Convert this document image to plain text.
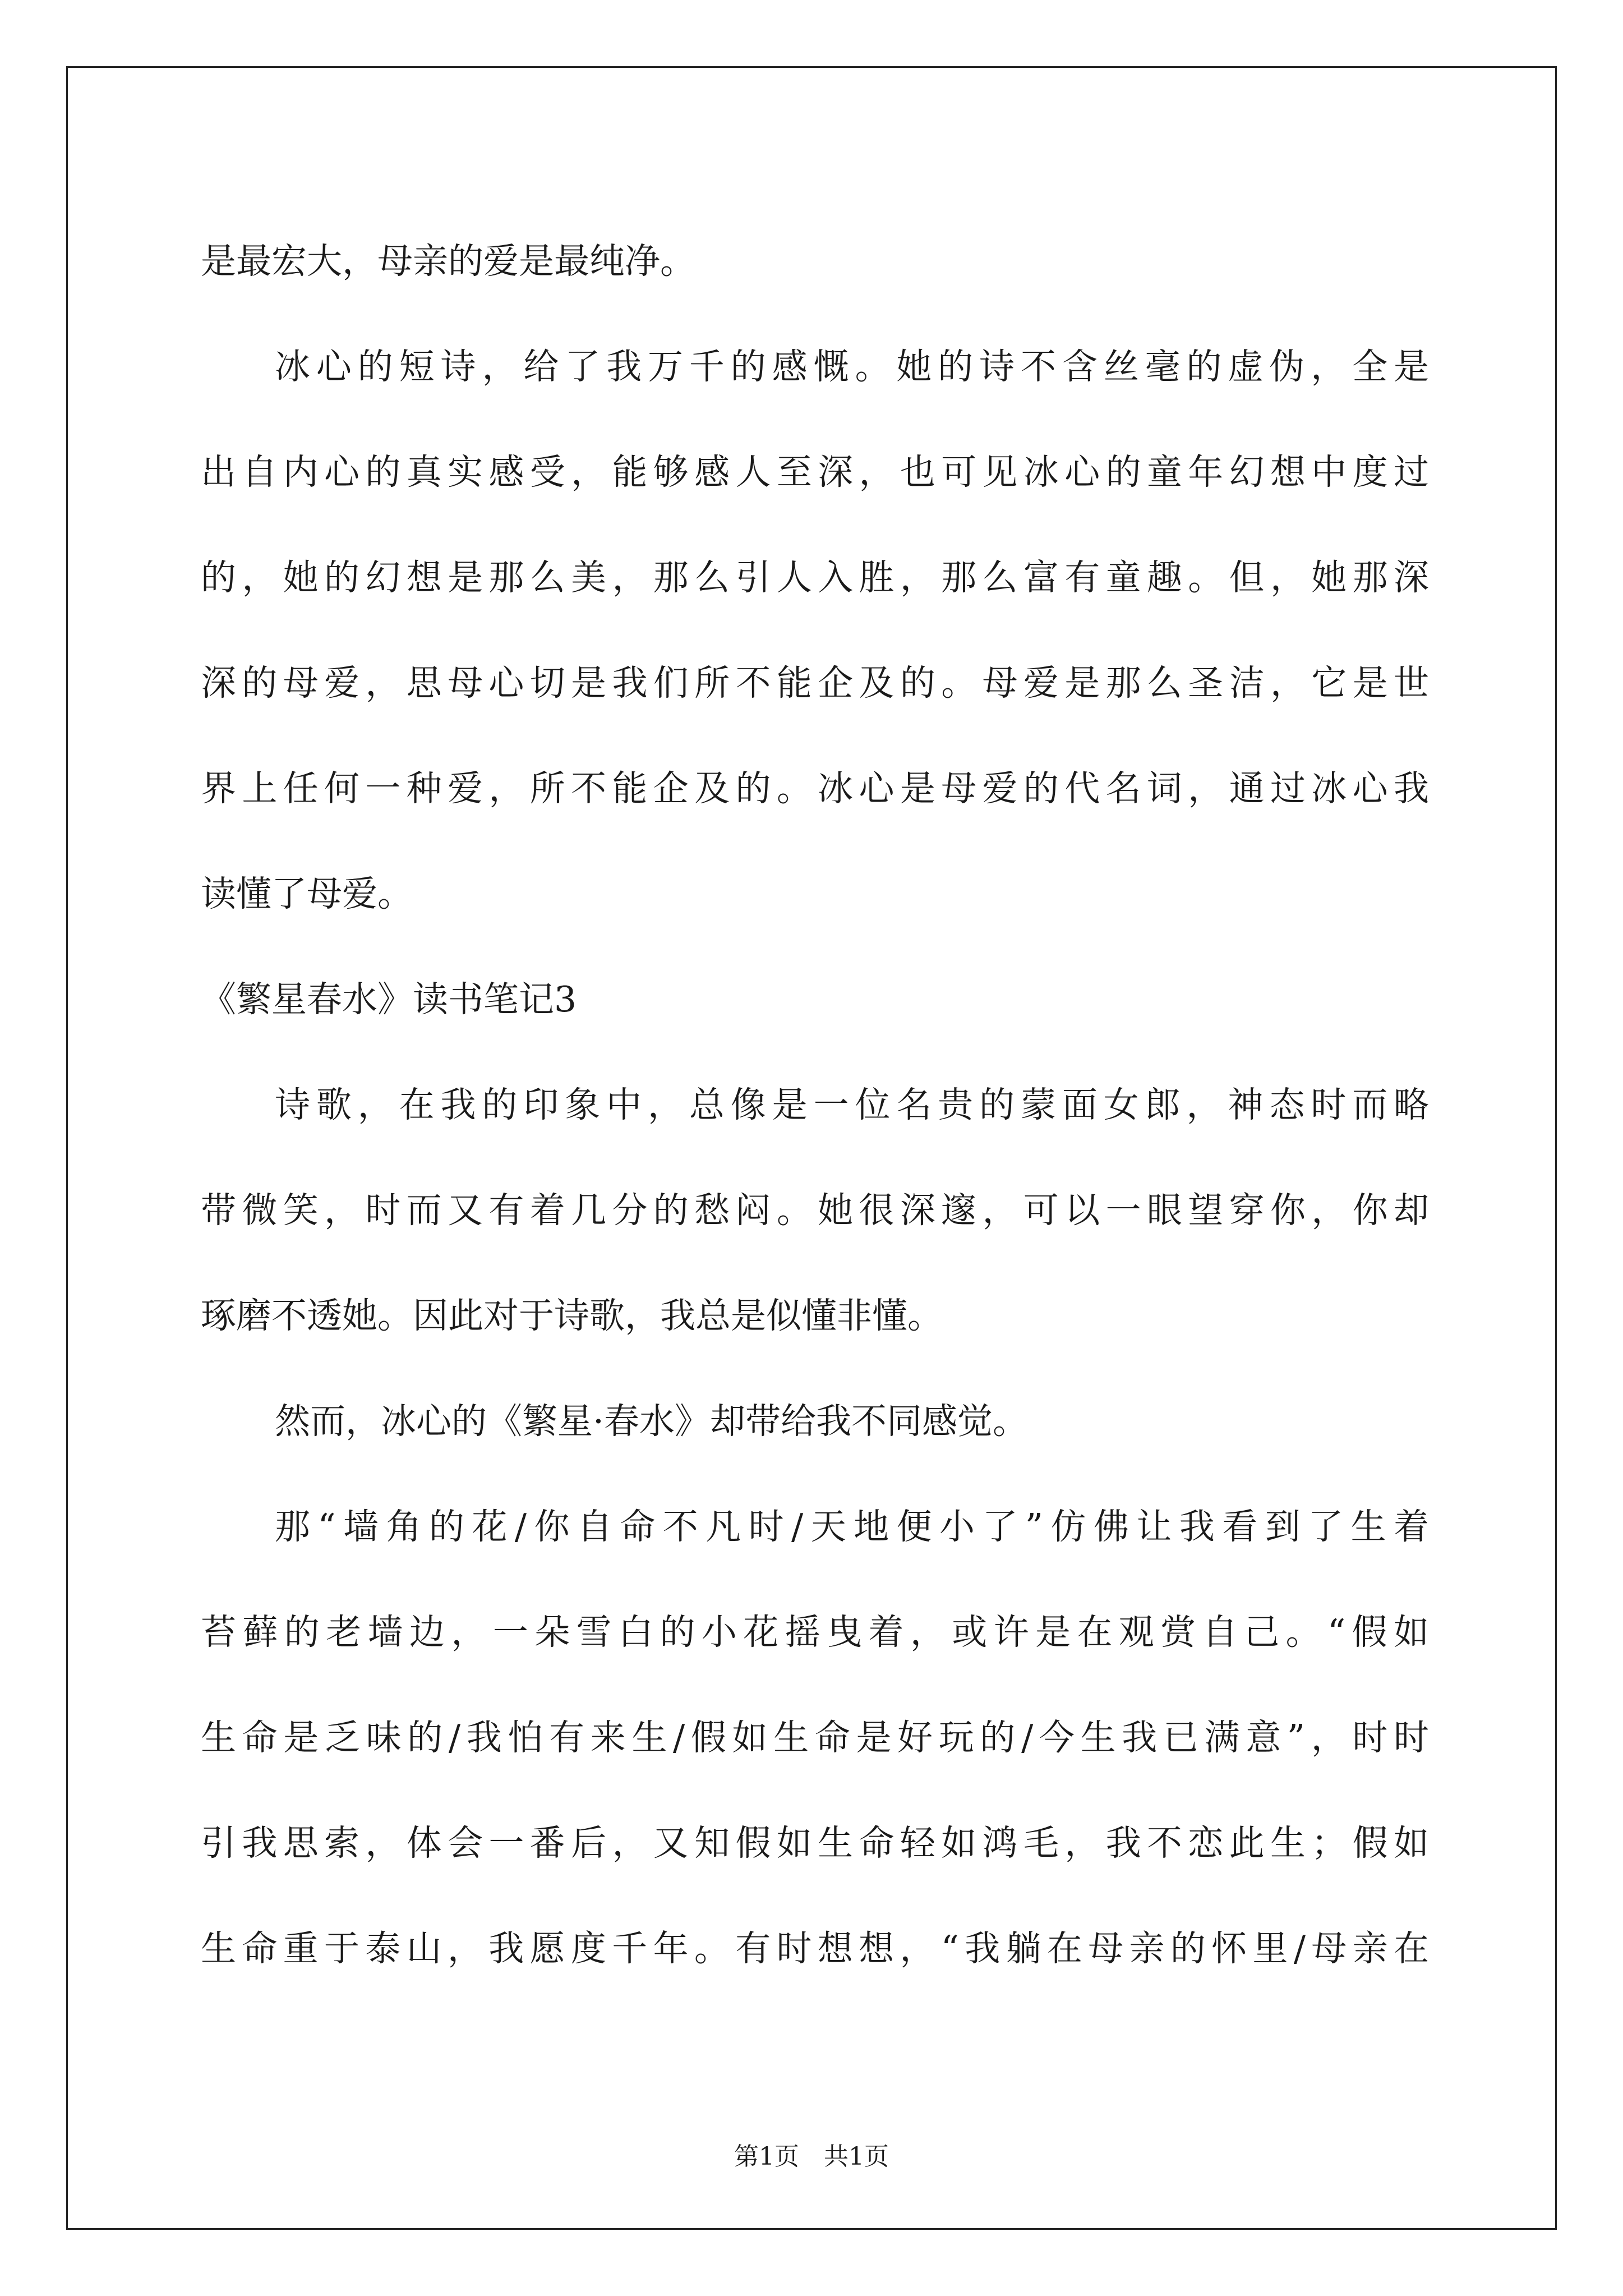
是最宏大，母亲的爱是最纯净。
冰心的短诗，给了我万千的感慨。她的诗不含丝毫的虚伪，全是
出自内心的真实感受，能够感人至深，也可见冰心的童年幻想中度过
的，她的幻想是那么美，那么引人入胜，那么富有童趣。但，她那深
深的母爱，思母心切是我们所不能企及的。母爱是那么圣洁，它是世
界上任何一种爱，所不能企及的。冰心是母爱的代名词，通过冰心我
读懂了母爱。
《繁星春水》读书笔记3
诗歌，在我的印象中，总像是一位名贵的蒙面女郎，神态时而略
带微笑，时而又有着几分的愁闷。她很深邃，可以一眼望穿你，你却
琢磨不透她。因此对于诗歌，我总是似懂非懂。
然而，冰心的《繁星·春水》却带给我不同感觉。
那“墙角的花/你自命不凡时/天地便小了”仿佛让我看到了生着
苔藓的老墙边，一朵雪白的小花摇曳着，或许是在观赏自己。“假如
生命是乏味的/我怕有来生/假如生命是好玩的/今生我已满意”，时时
引我思索，体会一番后，又知假如生命轻如鸿毛，我不恋此生；假如
生命重于泰山，我愿度千年。有时想想，“我躺在母亲的怀里/母亲在
第1页　共1页
